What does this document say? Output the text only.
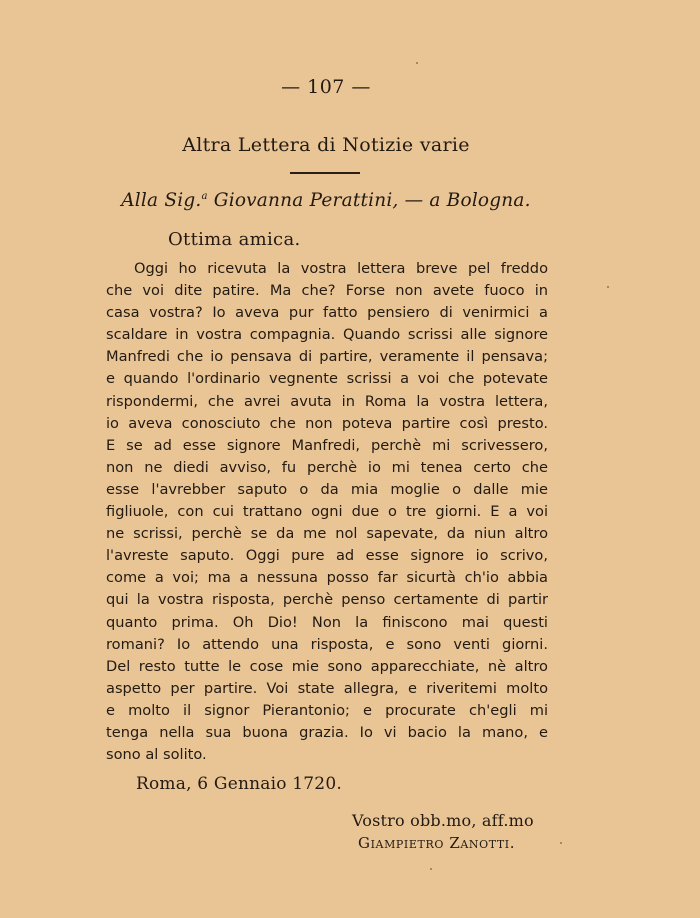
— 107 —
Altra Lettera di Notizie varie
Alla Sig.$^a$ Giovanna Perattini, — a Bologna.
Ottima amica.
Oggi ho ricevuta la vostra lettera breve pel freddo
che voi dite patire. Ma che? Forse non avete fuoco in
casa vostra? Io aveva pur fatto pensiero di venirmici a
scaldare in vostra compagnia. Quando scrissi alle signore
Manfredi che io pensava di partire, veramente il pensava;
e quando l'ordinario vegnente scrissi a voi che potevate
rispondermi, che avrei avuta in Roma la vostra lettera,
io aveva conosciuto che non poteva partire così presto.
E se ad esse signore Manfredi, perchè mi scrivessero,
non ne diedi avviso, fu perchè io mi tenea certo che
esse l'avrebber saputo o da mia moglie o dalle mie
figliuole, con cui trattano ogni due o tre giorni. E a voi
ne scrissi, perchè se da me nol sapevate, da niun altro
l'avreste saputo. Oggi pure ad esse signore io scrivo,
come a voi; ma a nessuna posso far sicurtà ch'io abbia
qui la vostra risposta, perchè penso certamente di partir
quanto prima. Oh Dio! Non la finiscono mai questi
romani? Io attendo una risposta, e sono venti giorni.
Del resto tutte le cose mie sono apparecchiate, nè altro
aspetto per partire. Voi state allegra, e riveritemi molto
e molto il signor Pierantonio; e procurate ch'egli mi
tenga nella sua buona grazia. Io vi bacio la mano, e
sono al solito.
Roma, 6 Gennaio 1720.
Vostro obb.mo, aff.mo
Giampietro Zanotti.
